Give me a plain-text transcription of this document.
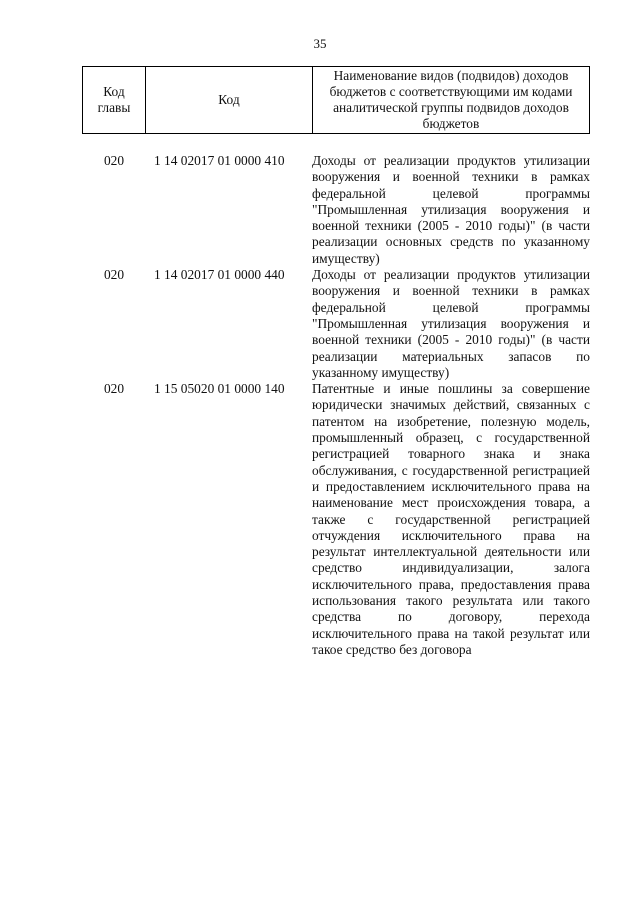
35
Код главы	Код	Наименование видов (подвидов) доходов бюджетов с соответствующими им кодами аналитической группы подвидов доходов бюджетов
020	1 14 02017 01 0000 410	Доходы от реализации продуктов утилизации вооружения и военной техники в рамках федеральной целевой программы "Промышленная утилизация вооружения и военной техники (2005 - 2010 годы)" (в части реализации основных средств по указанному имуществу)
020	1 14 02017 01 0000 440	Доходы от реализации продуктов утилизации вооружения и военной техники в рамках федеральной целевой программы "Промышленная утилизация вооружения и военной техники (2005 - 2010 годы)" (в части реализации материальных запасов по указанному имуществу)
020	1 15 05020 01 0000 140	Патентные и иные пошлины за совершение юридически значимых действий, связанных с патентом на изобретение, полезную модель, промышленный образец, с государственной регистрацией товарного знака и знака обслуживания, с государственной регистрацией и предоставлением исключительного права на наименование мест происхождения товара, а также с государственной регистрацией отчуждения исключительного права на результат интеллектуальной деятельности или средство индивидуализации, залога исключительного права, предоставления права использования такого результата или такого средства по договору, перехода исключительного права на такой результат или такое средство без договора
